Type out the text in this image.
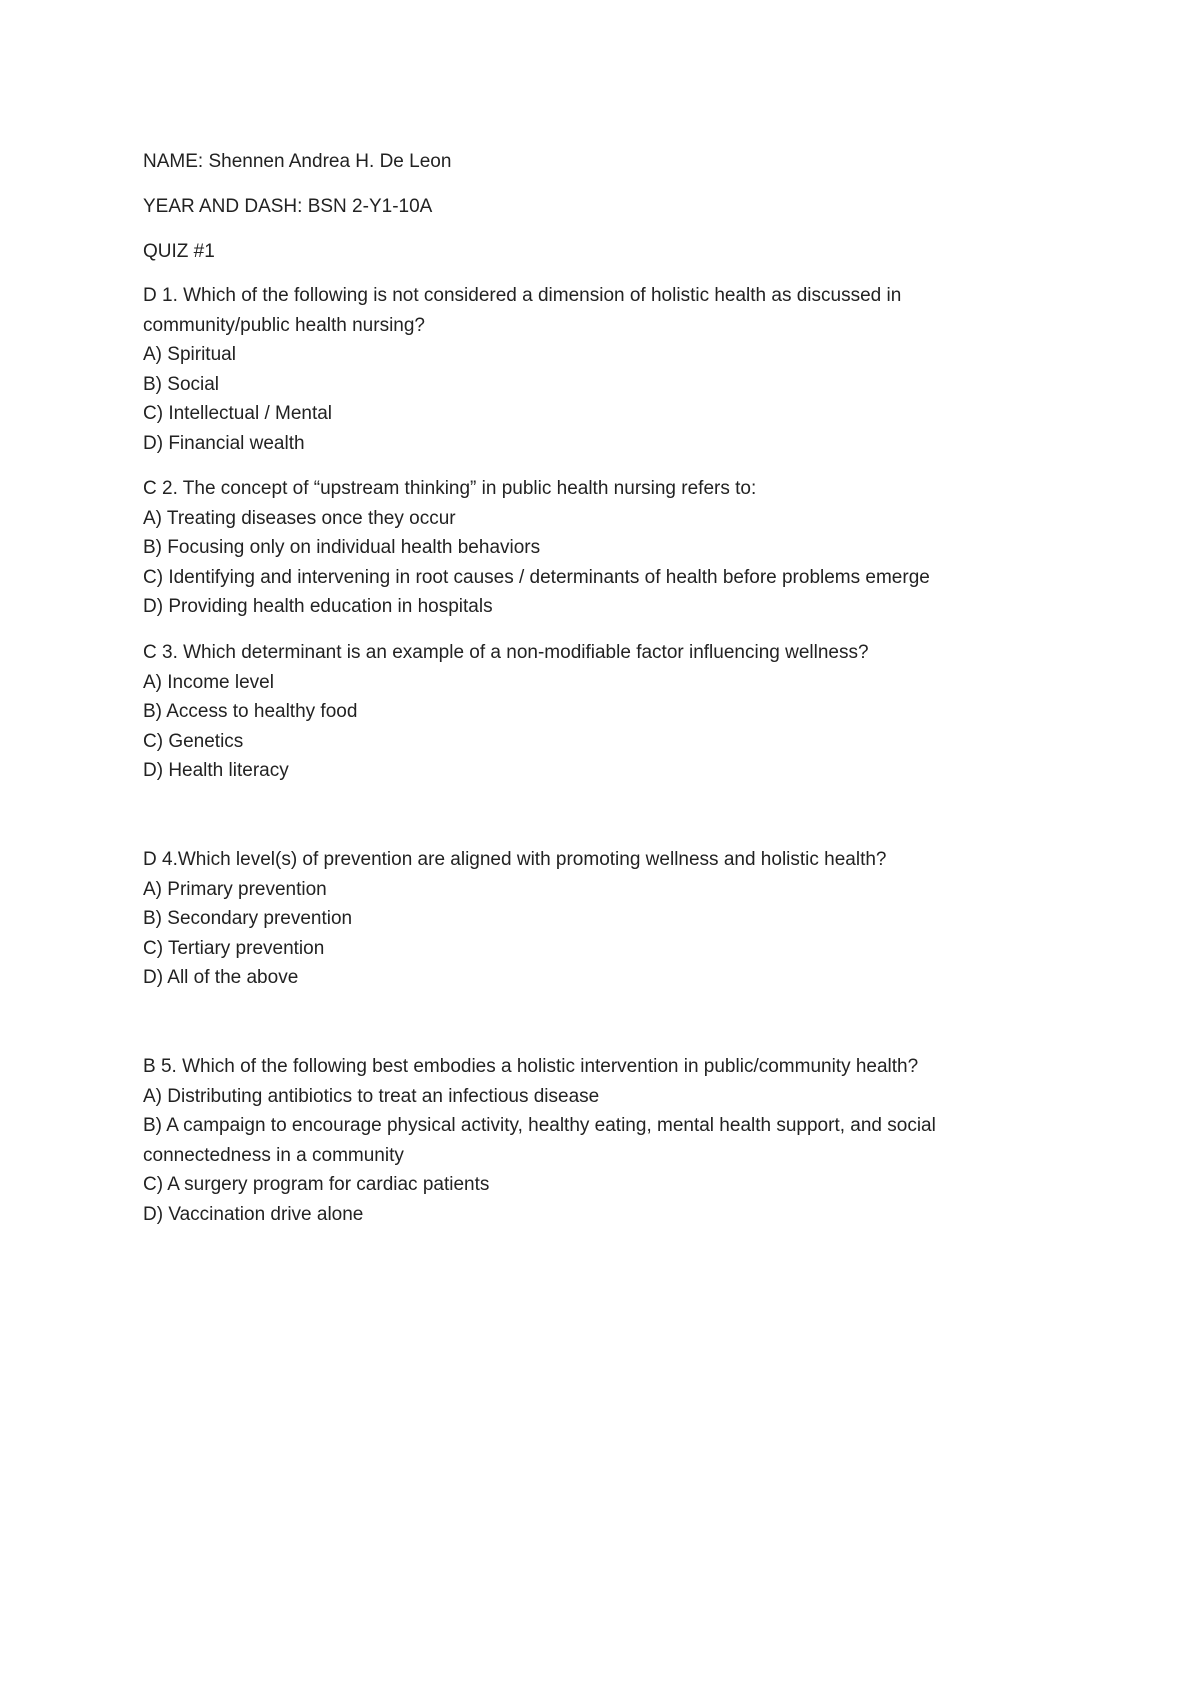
NAME: Shennen Andrea H. De Leon
YEAR AND DASH: BSN 2-Y1-10A
QUIZ #1
D 1. Which of the following is not considered a dimension of holistic health as discussed in community/public health nursing?
A) Spiritual
B) Social
C) Intellectual / Mental
D) Financial wealth
C 2. The concept of “upstream thinking” in public health nursing refers to:
A) Treating diseases once they occur
B) Focusing only on individual health behaviors
C) Identifying and intervening in root causes / determinants of health before problems emerge
D) Providing health education in hospitals
C 3. Which determinant is an example of a non-modifiable factor influencing wellness?
A) Income level
B) Access to healthy food
C) Genetics
D) Health literacy
D 4.Which level(s) of prevention are aligned with promoting wellness and holistic health?
A) Primary prevention
B) Secondary prevention
C) Tertiary prevention
D) All of the above
B 5. Which of the following best embodies a holistic intervention in public/community health?
A) Distributing antibiotics to treat an infectious disease
B) A campaign to encourage physical activity, healthy eating, mental health support, and social connectedness in a community
C) A surgery program for cardiac patients
D) Vaccination drive alone
